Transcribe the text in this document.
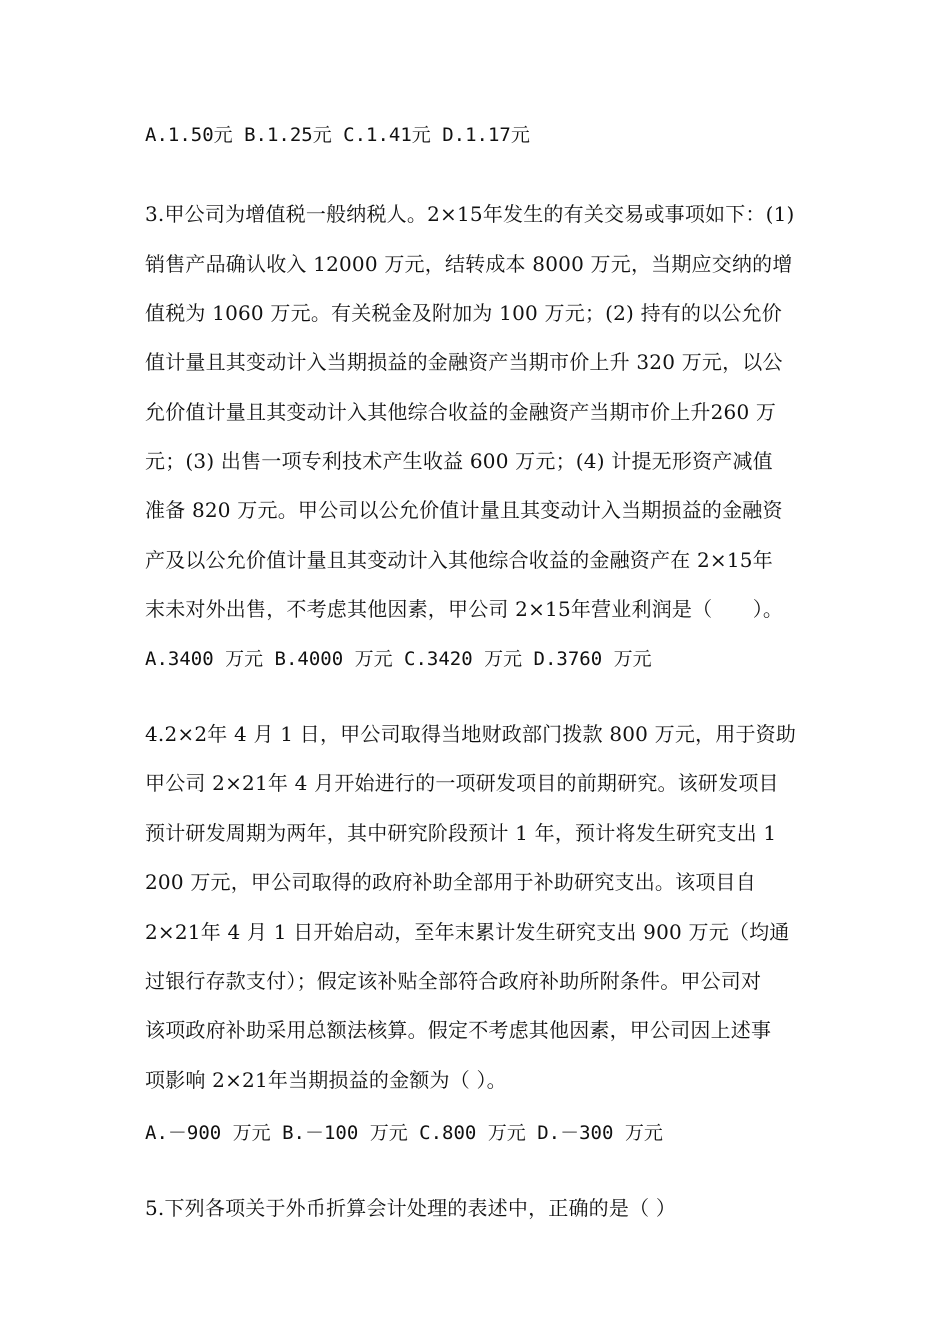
A.1.50元 B.1.25元 C.1.41元 D.1.17元
3.甲公司为增值税一般纳税人。2×15年发生的有关交易或事项如下：(1)
销售产品确认收入 12000 万元，结转成本 8000 万元，当期应交纳的增
值税为 1060 万元。有关税金及附加为 100 万元；(2) 持有的以公允价
值计量且其变动计入当期损益的金融资产当期市价上升 320 万元，以公
允价值计量且其变动计入其他综合收益的金融资产当期市价上升260 万
元；(3) 出售一项专利技术产生收益 600 万元；(4) 计提无形资产减值
准备 820 万元。甲公司以公允价值计量且其变动计入当期损益的金融资
产及以公允价值计量且其变动计入其他综合收益的金融资产在 2×15年
末未对外出售，不考虑其他因素，甲公司 2×15年营业利润是（　　）。
A.3400 万元 B.4000 万元 C.3420 万元 D.3760 万元
4.2×2年 4 月 1 日，甲公司取得当地财政部门拨款 800 万元，用于资助
甲公司 2×21年 4 月开始进行的一项研发项目的前期研究。该研发项目
预计研发周期为两年，其中研究阶段预计 1 年，预计将发生研究支出 1
200 万元，甲公司取得的政府补助全部用于补助研究支出。该项目自
2×21年 4 月 1 日开始启动，至年末累计发生研究支出 900 万元（均通
过银行存款支付）；假定该补贴全部符合政府补助所附条件。甲公司对
该项政府补助采用总额法核算。假定不考虑其他因素，甲公司因上述事
项影响 2×21年当期损益的金额为（ ）。
A.－900 万元 B.－100 万元 C.800 万元 D.－300 万元
5.下列各项关于外币折算会计处理的表述中，正确的是（ ）
